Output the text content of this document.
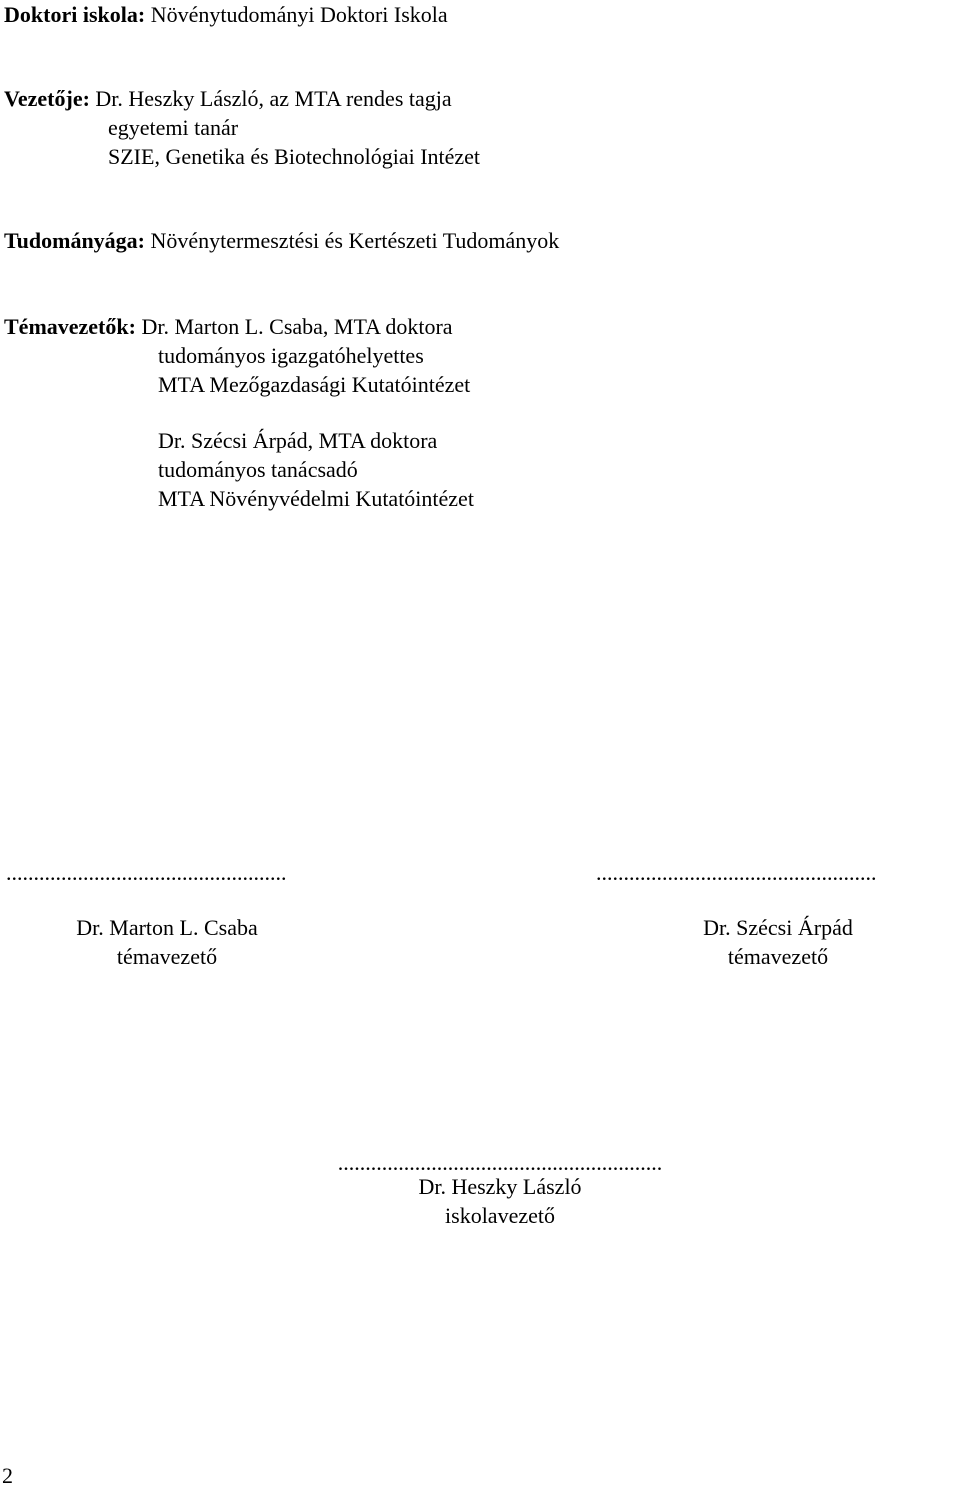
Doktori iskola: Növénytudományi Doktori Iskola
Vezetője: Dr. Heszky László, az MTA rendes tagja
egyetemi tanár
SZIE, Genetika és Biotechnológiai Intézet
Tudományága: Növénytermesztési és Kertészeti Tudományok
Témavezetők: Dr. Marton L. Csaba, MTA doktora
tudományos igazgatóhelyettes
MTA Mezőgazdasági Kutatóintézet
Dr. Szécsi Árpád, MTA doktora
tudományos tanácsadó
MTA Növényvédelmi Kutatóintézet
...................................................
Dr. Marton L. Csaba
témavezető
...................................................
Dr. Szécsi Árpád
témavezető
...........................................................
Dr. Heszky László
iskolavezető
2
